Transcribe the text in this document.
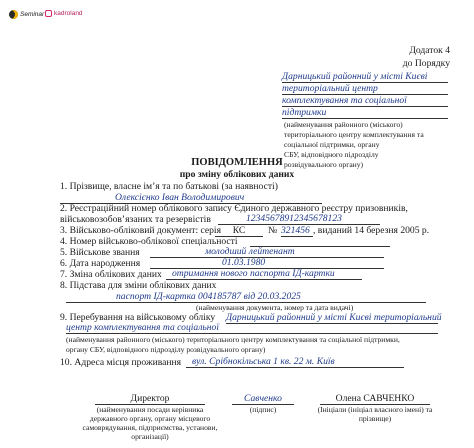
Seminar kadroland
Додаток 4
до Порядку
Дарницький районний у місті Києві
територіальний центр
комплектування та соціальної
підтримки
(найменування районного (міського)
територіального центру комплектування та
соціальної підтримки, органу
СБУ, відповідного підрозділу
розвідувального органу)
ПОВІДОМЛЕННЯ
про зміну облікових даних
1. Прізвище, власне ім’я та по батькові (за наявності)
Олексієнко Іван Володимирович
2. Реєстраційний номер облікового запису Єдиного державного реєстру призовників,
військовозобов’язаних та резервістів	12345678912345678123
3. Військово-обліковий документ: серія	КС	№ 321456 , виданий 14 березня 2005 р.
4. Номер військово-облікової спеціальності
5. Військове звання	молодший лейтенант
6. Дата народження	01.03.1980
7. Зміна облікових даних отримання нового паспорта ІД-картки
8. Підстава для зміни облікових даних
паспорт ІД-картка 004185787 від 20.03.2025
(найменування документа, номер та дата видачі)
9. Перебування на військовому обліку Дарницький районний у місті Києві територіальний
центр комплектування та соціальної
(найменування районного (міського) територіального центру комплектування та соціальної підтримки,
органу СБУ, відповідного підрозділу розвідувального органу)
10. Адреса місця проживання вул. Срібнокільська 1 кв. 22 м. Київ
Директор
(найменування посади керівника
державного органу, органу місцевого
самоврядування, підприємства, установи,
організації)
Савченко
(підпис)
Олена САВЧЕНКО
(Ініціали (ініціал власного імені) та
прізвище)
